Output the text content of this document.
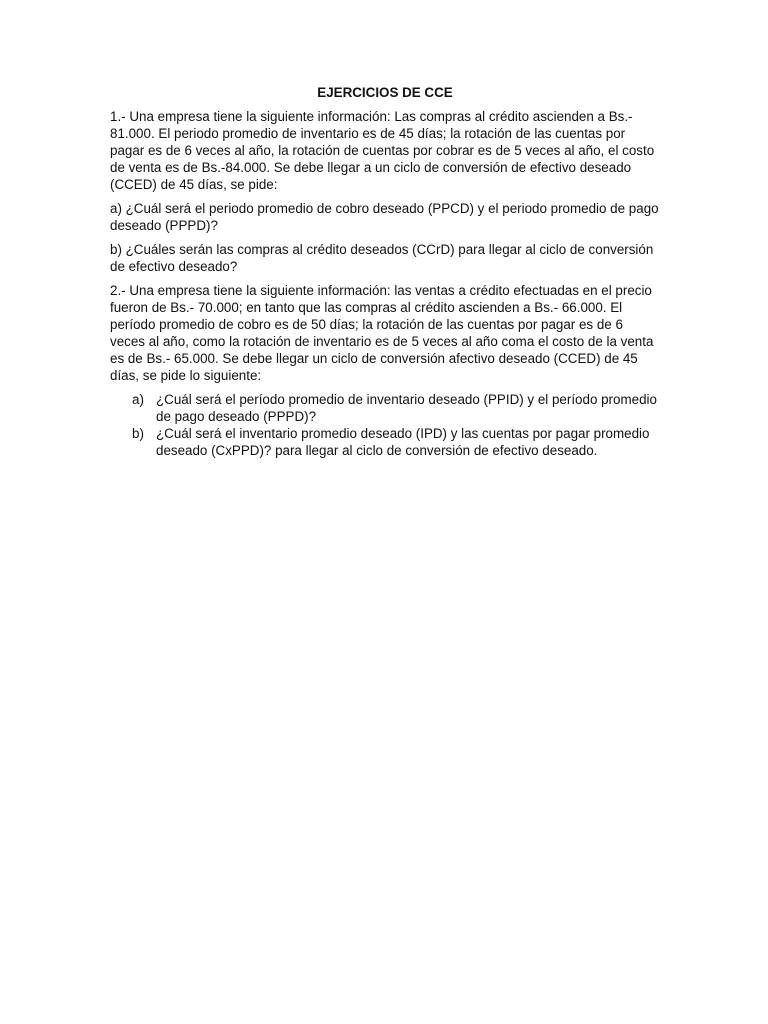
EJERCICIOS DE CCE

1.- Una empresa tiene la siguiente información: Las compras al crédito ascienden a Bs.- 81.000. El periodo promedio de inventario es de 45 días; la rotación de las cuentas por pagar es de 6 veces al año, la rotación de cuentas por cobrar es de 5 veces al año, el costo de venta es de Bs.-84.000. Se debe llegar a un ciclo de conversión de efectivo deseado (CCED) de 45 días, se pide:

a) ¿Cuál será el periodo promedio de cobro deseado (PPCD) y el periodo promedio de pago deseado (PPPD)?

b) ¿Cuáles serán las compras al crédito deseados (CCrD) para llegar al ciclo de conversión de efectivo deseado?

2.- Una empresa tiene la siguiente información: las ventas a crédito efectuadas en el precio fueron de Bs.- 70.000; en tanto que las compras al crédito ascienden a Bs.- 66.000. El período promedio de cobro es de 50 días; la rotación de las cuentas por pagar es de 6 veces al año, como la rotación de inventario es de 5 veces al año coma el costo de la venta es de Bs.- 65.000. Se debe llegar un ciclo de conversión afectivo deseado (CCED) de 45 días, se pide lo siguiente:

a) ¿Cuál será el período promedio de inventario deseado (PPID) y el período promedio de pago deseado (PPPD)?
b) ¿Cuál será el inventario promedio deseado (IPD) y las cuentas por pagar promedio deseado (CxPPD)? para llegar al ciclo de conversión de efectivo deseado.
